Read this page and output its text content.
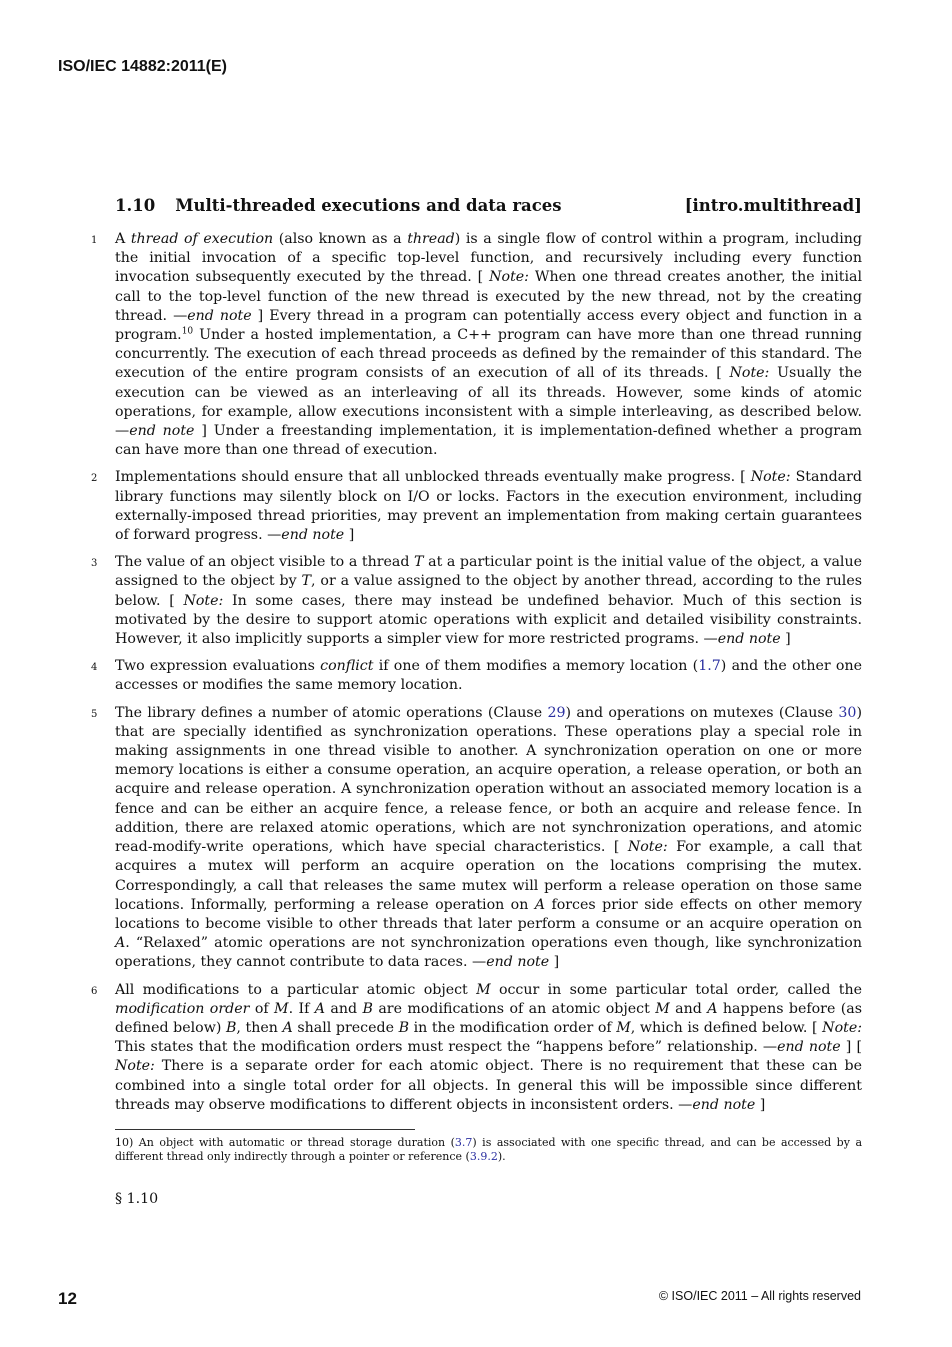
ISO/IEC 14882:2011(E)
1.10 Multi-threaded executions and data races	[intro.multithread]
1 A thread of execution (also known as a thread) is a single flow of control within a program, including the initial invocation of a specific top-level function, and recursively including every function invocation subsequently executed by the thread. [ Note: When one thread creates another, the initial call to the top-level function of the new thread is executed by the new thread, not by the creating thread. —end note ] Every thread in a program can potentially access every object and function in a program.$^{10}$ Under a hosted implementation, a C++ program can have more than one thread running concurrently. The execution of each thread proceeds as defined by the remainder of this standard. The execution of the entire program consists of an execution of all of its threads. [ Note: Usually the execution can be viewed as an interleaving of all its threads. However, some kinds of atomic operations, for example, allow executions inconsistent with a simple interleaving, as described below. —end note ] Under a freestanding implementation, it is implementation-defined whether a program can have more than one thread of execution.
2 Implementations should ensure that all unblocked threads eventually make progress. [ Note: Standard library functions may silently block on I/O or locks. Factors in the execution environment, including externally-imposed thread priorities, may prevent an implementation from making certain guarantees of forward progress. —end note ]
3 The value of an object visible to a thread T at a particular point is the initial value of the object, a value assigned to the object by T, or a value assigned to the object by another thread, according to the rules below. [ Note: In some cases, there may instead be undefined behavior. Much of this section is motivated by the desire to support atomic operations with explicit and detailed visibility constraints. However, it also implicitly supports a simpler view for more restricted programs. —end note ]
4 Two expression evaluations conflict if one of them modifies a memory location (1.7) and the other one accesses or modifies the same memory location.
5 The library defines a number of atomic operations (Clause 29) and operations on mutexes (Clause 30) that are specially identified as synchronization operations. These operations play a special role in making assignments in one thread visible to another. A synchronization operation on one or more memory locations is either a consume operation, an acquire operation, a release operation, or both an acquire and release operation. A synchronization operation without an associated memory location is a fence and can be either an acquire fence, a release fence, or both an acquire and release fence. In addition, there are relaxed atomic operations, which are not synchronization operations, and atomic read-modify-write operations, which have special characteristics. [ Note: For example, a call that acquires a mutex will perform an acquire operation on the locations comprising the mutex. Correspondingly, a call that releases the same mutex will perform a release operation on those same locations. Informally, performing a release operation on A forces prior side effects on other memory locations to become visible to other threads that later perform a consume or an acquire operation on A. “Relaxed” atomic operations are not synchronization operations even though, like synchronization operations, they cannot contribute to data races. —end note ]
6 All modifications to a particular atomic object M occur in some particular total order, called the modification order of M. If A and B are modifications of an atomic object M and A happens before (as defined below) B, then A shall precede B in the modification order of M, which is defined below. [ Note: This states that the modification orders must respect the “happens before” relationship. —end note ] [ Note: There is a separate order for each atomic object. There is no requirement that these can be combined into a single total order for all objects. In general this will be impossible since different threads may observe modifications to different objects in inconsistent orders. —end note ]
10) An object with automatic or thread storage duration (3.7) is associated with one specific thread, and can be accessed by a different thread only indirectly through a pointer or reference (3.9.2).
§ 1.10
12	© ISO/IEC 2011 – All rights reserved
